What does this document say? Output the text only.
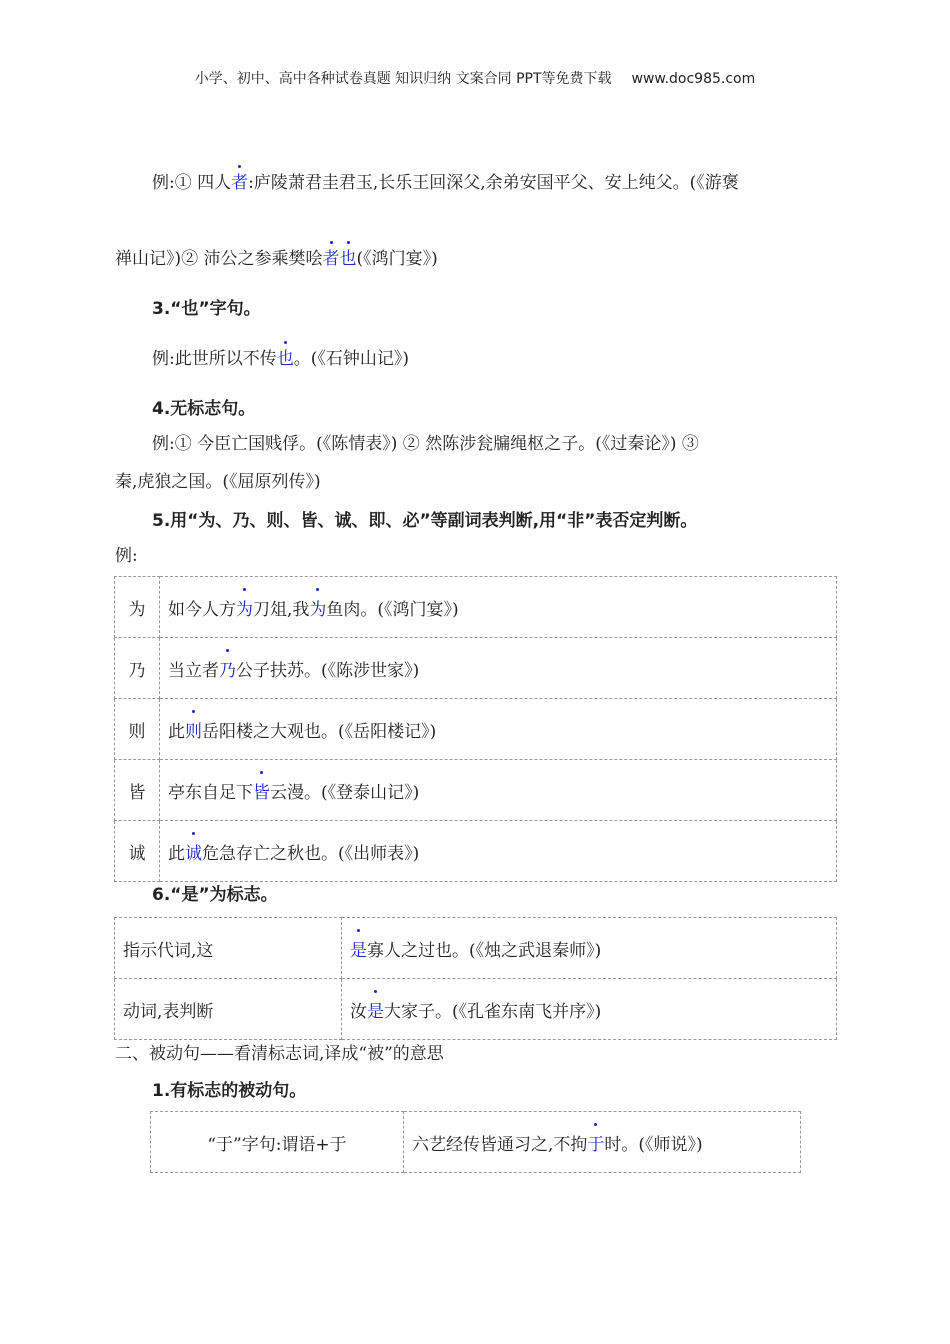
小学、初中、高中各种试卷真题 知识归纳 文案合同 PPT等免费下载 www.doc985.com
例:① 四人者:庐陵萧君圭君玉,长乐王回深父,余弟安国平父、安上纯父。(《游褒
禅山记》)② 沛公之参乘樊哙者也(《鸿门宴》)
3.“也”字句。
例:此世所以不传也。(《石钟山记》)
4.无标志句。
例:① 今臣亡国贱俘。(《陈情表》) ② 然陈涉瓮牖绳枢之子。(《过秦论》) ③
秦,虎狼之国。(《屈原列传》)
5.用“为、乃、则、皆、诚、即、必”等副词表判断,用“非”表否定判断。
例:
为	如今人方为刀俎,我为鱼肉。(《鸿门宴》)
乃	当立者乃公子扶苏。(《陈涉世家》)
则	此则岳阳楼之大观也。(《岳阳楼记》)
皆	亭东自足下皆云漫。(《登泰山记》)
诚	此诚危急存亡之秋也。(《出师表》)
6.“是”为标志。
指示代词,这	是寡人之过也。(《烛之武退秦师》)
动词,表判断	汝是大家子。(《孔雀东南飞并序》)
二、被动句——看清标志词,译成“被”的意思
1.有标志的被动句。
“于”字句:谓语+于	六艺经传皆通习之,不拘于时。(《师说》)
